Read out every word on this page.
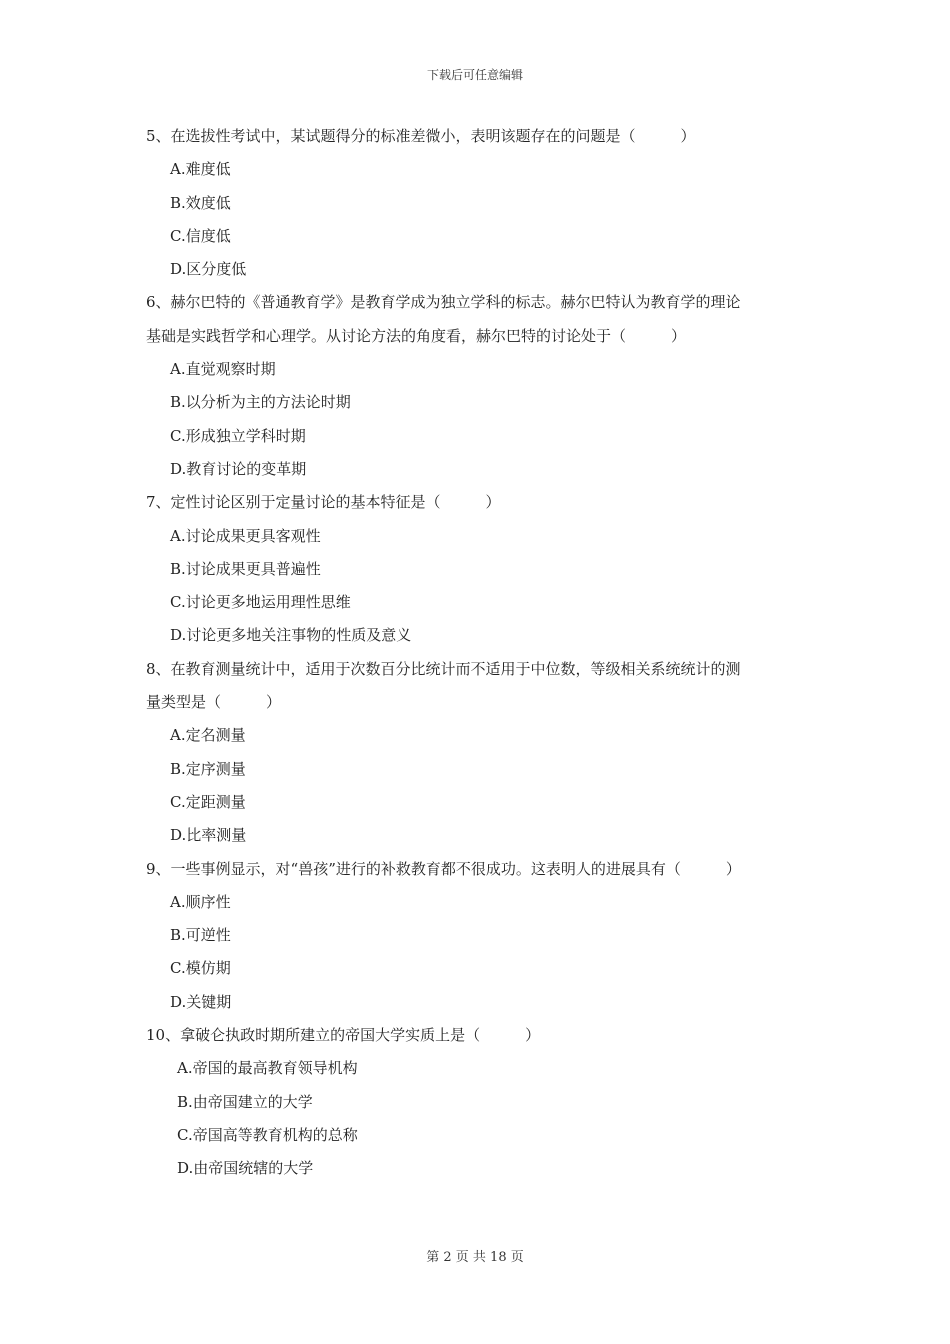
下载后可任意编辑
5、在选拔性考试中，某试题得分的标准差微小，表明该题存在的问题是（　　　）
A.难度低
B.效度低
C.信度低
D.区分度低
6、赫尔巴特的《普通教育学》是教育学成为独立学科的标志。赫尔巴特认为教育学的理论
基础是实践哲学和心理学。从讨论方法的角度看，赫尔巴特的讨论处于（　　　）
A.直觉观察时期
B.以分析为主的方法论时期
C.形成独立学科时期
D.教育讨论的变革期
7、定性讨论区别于定量讨论的基本特征是（　　　）
A.讨论成果更具客观性
B.讨论成果更具普遍性
C.讨论更多地运用理性思维
D.讨论更多地关注事物的性质及意义
8、在教育测量统计中，适用于次数百分比统计而不适用于中位数，等级相关系统统计的测
量类型是（　　　）
A.定名测量
B.定序测量
C.定距测量
D.比率测量
9、一些事例显示，对“兽孩”进行的补救教育都不很成功。这表明人的进展具有（　　　）
A.顺序性
B.可逆性
C.模仿期
D.关键期
10、拿破仑执政时期所建立的帝国大学实质上是（　　　）
A.帝国的最高教育领导机构
B.由帝国建立的大学
C.帝国高等教育机构的总称
D.由帝国统辖的大学
第 2 页 共 18 页
